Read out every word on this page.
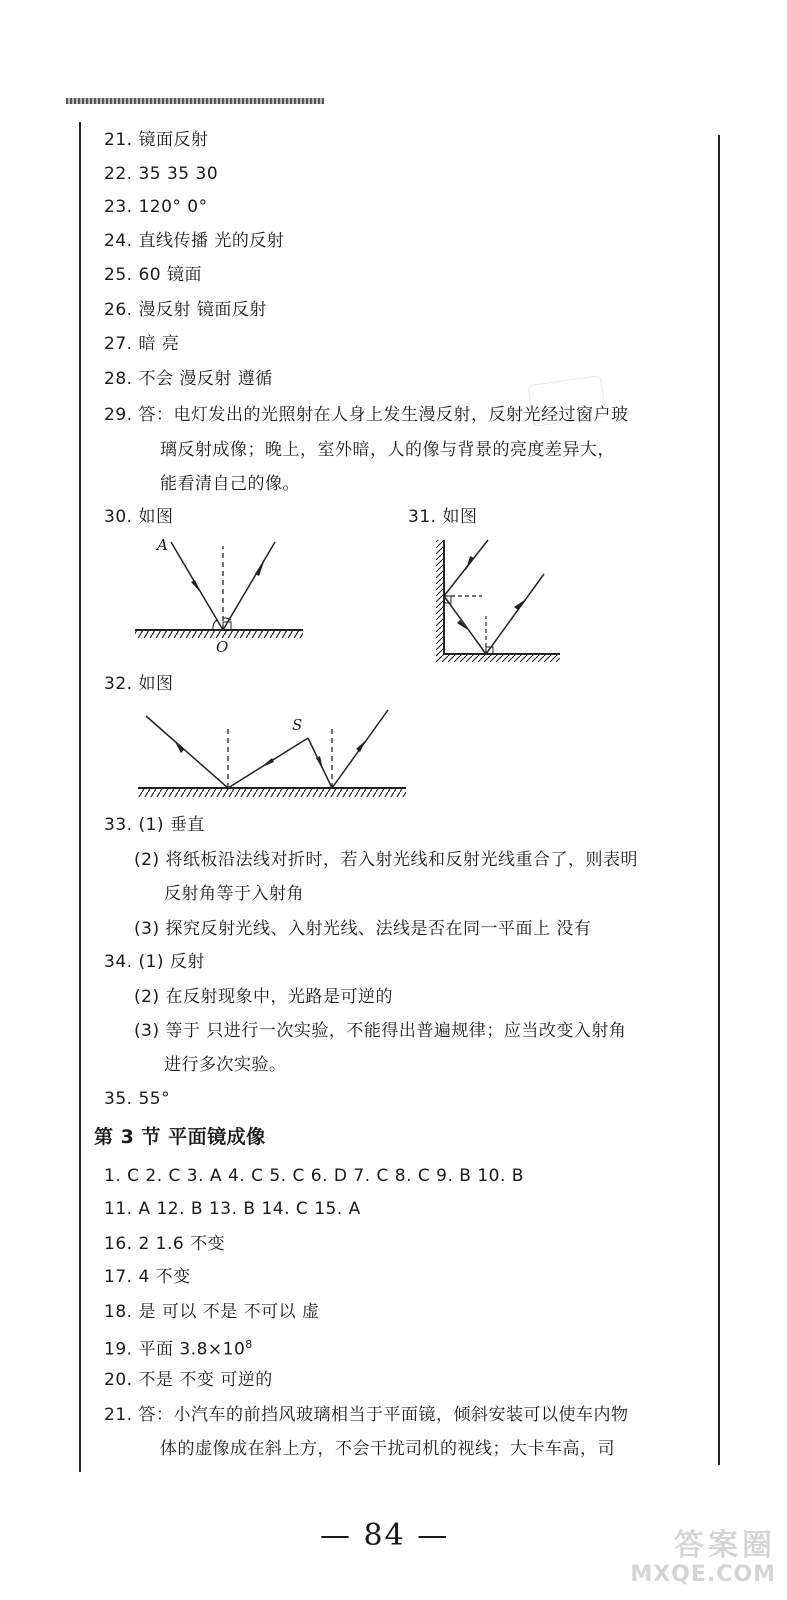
21. 镜面反射
22. 35 35 30
23. 120° 0°
24. 直线传播 光的反射
25. 60 镜面
26. 漫反射 镜面反射
27. 暗 亮
28. 不会 漫反射 遵循
29. 答：电灯发出的光照射在人身上发生漫反射，反射光经过窗户玻
璃反射成像；晚上，室外暗，人的像与背景的亮度差异大，
能看清自己的像。
30. 如图	31. 如图
A
O
32. 如图
S
33. (1) 垂直
(2) 将纸板沿法线对折时，若入射光线和反射光线重合了，则表明
反射角等于入射角
(3) 探究反射光线、入射光线、法线是否在同一平面上 没有
34. (1) 反射
(2) 在反射现象中，光路是可逆的
(3) 等于 只进行一次实验，不能得出普遍规律；应当改变入射角
进行多次实验。
35. 55°
第 3 节 平面镜成像
1. C 2. C 3. A 4. C 5. C 6. D 7. C 8. C 9. B 10. B
11. A 12. B 13. B 14. C 15. A
16. 2 1.6 不变
17. 4 不变
18. 是 可以 不是 不可以 虚
19. 平面 $3.8\times 10^8$
20. 不是 不变 可逆的
21. 答：小汽车的前挡风玻璃相当于平面镜，倾斜安装可以使车内物
体的虚像成在斜上方，不会干扰司机的视线；大卡车高，司
— 84 —	答案圈
MXQE.COM
